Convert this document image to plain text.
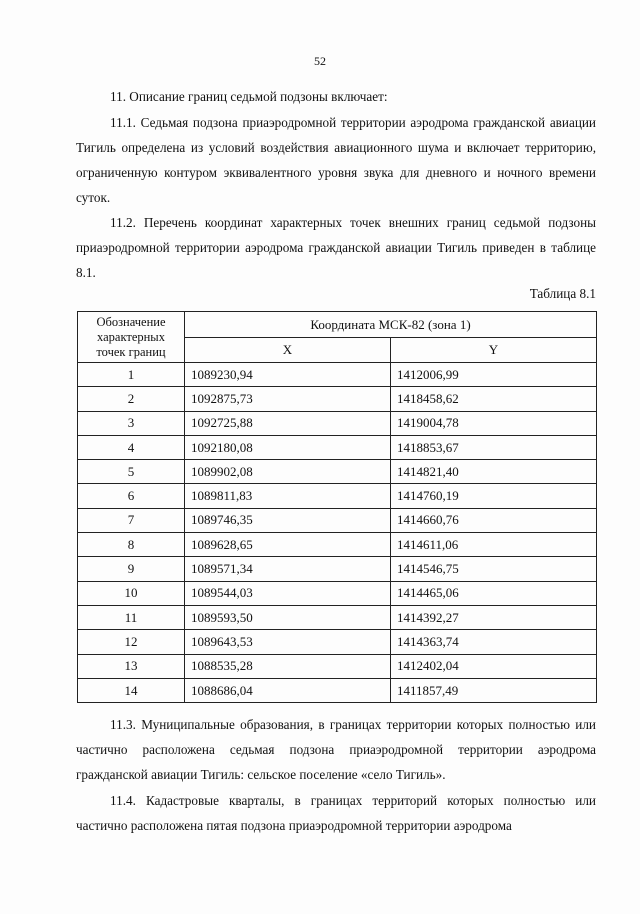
52
11. Описание границ седьмой подзоны включает:
11.1. Седьмая подзона приаэродромной территории аэродрома гражданской авиации Тигиль определена из условий воздействия авиационного шума и включает территорию, ограниченную контуром эквивалентного уровня звука для дневного и ночного времени суток.
11.2. Перечень координат характерных точек внешних границ седьмой подзоны приаэродромной территории аэродрома гражданской авиации Тигиль приведен в таблице 8.1.
Таблица 8.1
Обозначение характерных точек границ	Координата МСК-82 (зона 1)	
	X	Y
1	1089230,94	1412006,99
2	1092875,73	1418458,62
3	1092725,88	1419004,78
4	1092180,08	1418853,67
5	1089902,08	1414821,40
6	1089811,83	1414760,19
7	1089746,35	1414660,76
8	1089628,65	1414611,06
9	1089571,34	1414546,75
10	1089544,03	1414465,06
11	1089593,50	1414392,27
12	1089643,53	1414363,74
13	1088535,28	1412402,04
14	1088686,04	1411857,49
11.3. Муниципальные образования, в границах территории которых полностью или частично расположена седьмая подзона приаэродромной территории аэродрома гражданской авиации Тигиль: сельское поселение «село Тигиль».
11.4. Кадастровые кварталы, в границах территорий которых полностью или частично расположена пятая подзона приаэродромной территории аэродрома
